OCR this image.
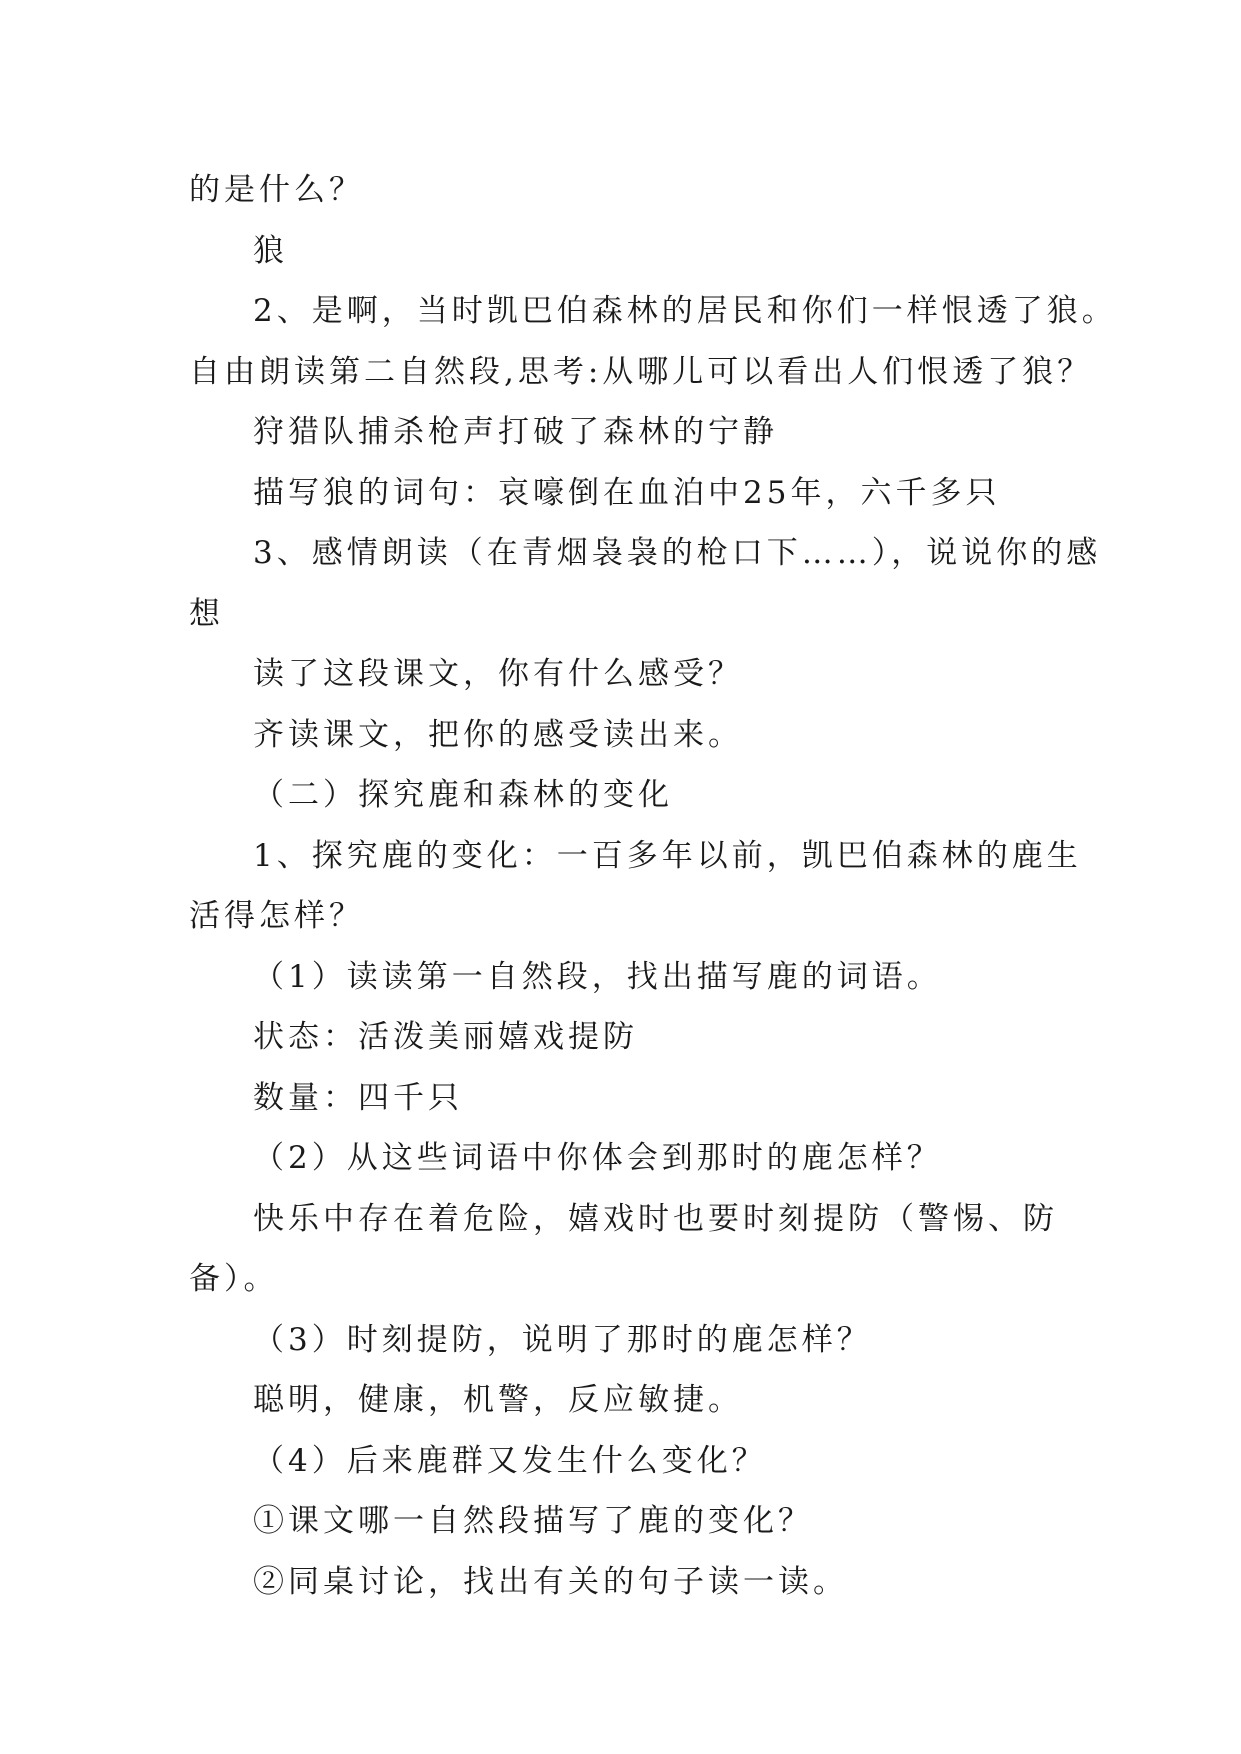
的是什么？
狼
2、是啊，当时凯巴伯森林的居民和你们一样恨透了狼。
自由朗读第二自然段,思考:从哪儿可以看出人们恨透了狼？
狩猎队捕杀枪声打破了森林的宁静
描写狼的词句：哀嚎倒在血泊中25年，六千多只
3、感情朗读（在青烟袅袅的枪口下……），说说你的感
想
读了这段课文，你有什么感受？
齐读课文，把你的感受读出来。
（二）探究鹿和森林的变化
1、探究鹿的变化：一百多年以前，凯巴伯森林的鹿生
活得怎样？
（1）读读第一自然段，找出描写鹿的词语。
状态：活泼美丽嬉戏提防
数量：四千只
（2）从这些词语中你体会到那时的鹿怎样？
快乐中存在着危险，嬉戏时也要时刻提防（警惕、防
备）。
（3）时刻提防，说明了那时的鹿怎样？
聪明，健康，机警，反应敏捷。
（4）后来鹿群又发生什么变化？
①课文哪一自然段描写了鹿的变化？
②同桌讨论，找出有关的句子读一读。
